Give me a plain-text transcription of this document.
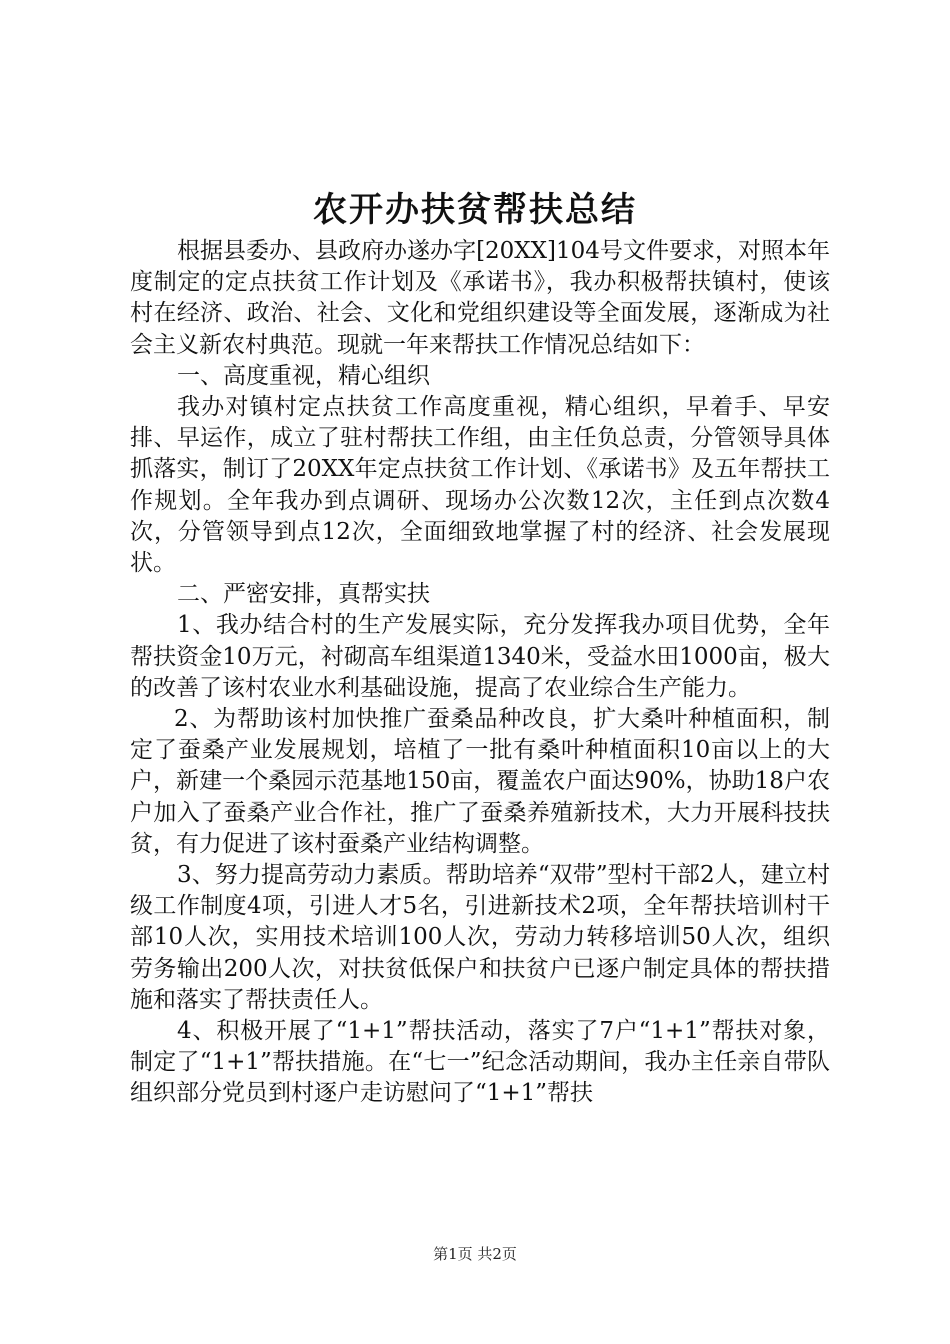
农开办扶贫帮扶总结

根据县委办、县政府办遂办字[20XX]104号文件要求，对照本年度制定的定点扶贫工作计划及《承诺书》，我办积极帮扶镇村，使该村在经济、政治、社会、文化和党组织建设等全面发展，逐渐成为社会主义新农村典范。现就一年来帮扶工作情况总结如下：

一、高度重视，精心组织

我办对镇村定点扶贫工作高度重视，精心组织，早着手、早安排、早运作，成立了驻村帮扶工作组，由主任负总责，分管领导具体抓落实，制订了20XX年定点扶贫工作计划、《承诺书》及五年帮扶工作规划。全年我办到点调研、现场办公次数12次，主任到点次数4次，分管领导到点12次，全面细致地掌握了村的经济、社会发展现状。

二、严密安排，真帮实扶

1、我办结合村的生产发展实际，充分发挥我办项目优势，全年帮扶资金10万元，衬砌高车组渠道1340米，受益水田1000亩，极大的改善了该村农业水利基础设施，提高了农业综合生产能力。

2、为帮助该村加快推广蚕桑品种改良，扩大桑叶种植面积，制定了蚕桑产业发展规划，培植了一批有桑叶种植面积10亩以上的大户，新建一个桑园示范基地150亩，覆盖农户面达90%，协助18户农户加入了蚕桑产业合作社，推广了蚕桑养殖新技术，大力开展科技扶贫，有力促进了该村蚕桑产业结构调整。

3、努力提高劳动力素质。帮助培养“双带”型村干部2人，建立村级工作制度4项，引进人才5名，引进新技术2项，全年帮扶培训村干部10人次，实用技术培训100人次，劳动力转移培训50人次，组织劳务输出200人次，对扶贫低保户和扶贫户已逐户制定具体的帮扶措施和落实了帮扶责任人。

4、积极开展了“1+1”帮扶活动，落实了7户“1+1”帮扶对象，制定了“1+1”帮扶措施。在“七一”纪念活动期间，我办主任亲自带队组织部分党员到村逐户走访慰问了“1+1”帮扶

第1页 共2页
